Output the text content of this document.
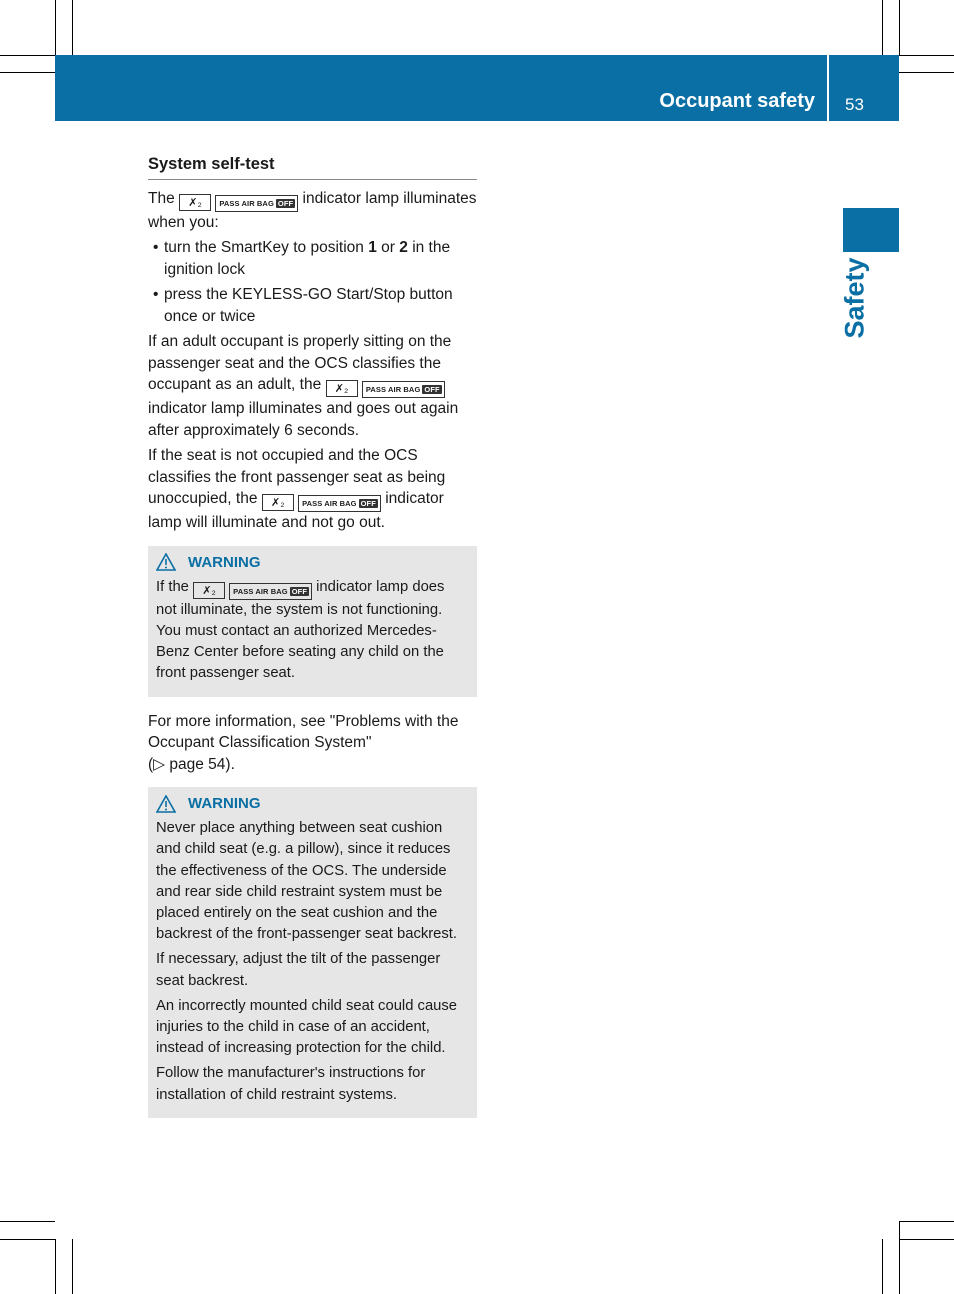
Occupant safety 53
Safety
System self-test

The ✗₂ PASS AIR BAG OFF indicator lamp illuminates when you:

• turn the SmartKey to position 1 or 2 in the ignition lock
• press the KEYLESS-GO Start/Stop button once or twice

If an adult occupant is properly sitting on the passenger seat and the OCS classifies the occupant as an adult, the ✗₂ PASS AIR BAG OFF indicator lamp illuminates and goes out again after approximately 6 seconds.

If the seat is not occupied and the OCS classifies the front passenger seat as being unoccupied, the ✗₂ PASS AIR BAG OFF indicator lamp will illuminate and not go out.

WARNING

If the ✗₂ PASS AIR BAG OFF indicator lamp does not illuminate, the system is not functioning. You must contact an authorized Mercedes-Benz Center before seating any child on the front passenger seat.

For more information, see "Problems with the Occupant Classification System"
(▷ page 54).

WARNING

Never place anything between seat cushion and child seat (e.g. a pillow), since it reduces the effectiveness of the OCS. The underside and rear side child restraint system must be placed entirely on the seat cushion and the backrest of the front-passenger seat backrest.

If necessary, adjust the tilt of the passenger seat backrest.

An incorrectly mounted child seat could cause injuries to the child in case of an accident, instead of increasing protection for the child.

Follow the manufacturer's instructions for installation of child restraint systems.
